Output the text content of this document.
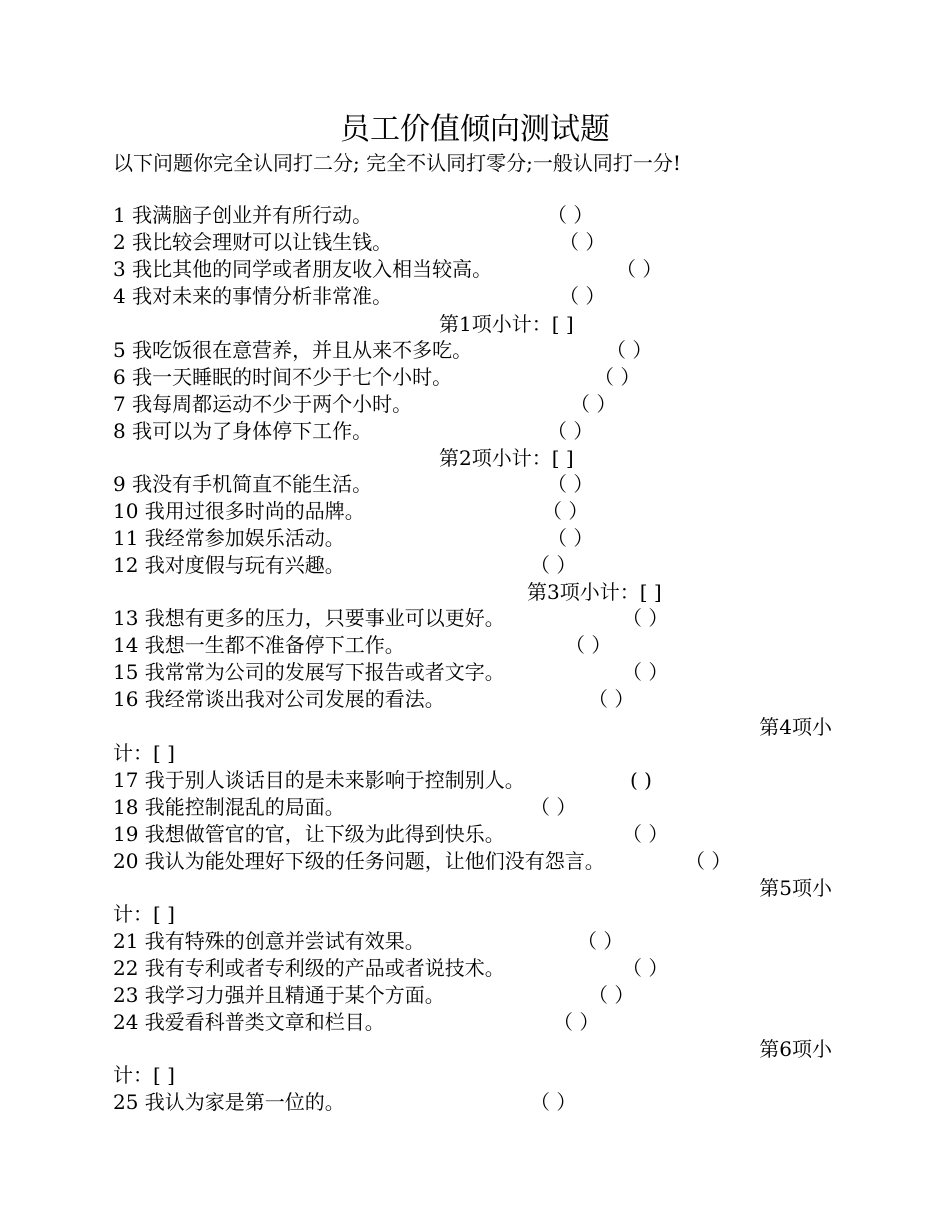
员工价值倾向测试题
以下问题你完全认同打二分; 完全不认同打零分;一般认同打一分!
1 我满脑子创业并有所行动。	（ ）
2 我比较会理财可以让钱生钱。	（ ）
3 我比其他的同学或者朋友收入相当较高。	（ ）
4 我对未来的事情分析非常准。	（ ）
第1项小计：[ ]
5 我吃饭很在意营养，并且从来不多吃。	（ ）
6 我一天睡眠的时间不少于七个小时。	（ ）
7 我每周都运动不少于两个小时。	（ ）
8 我可以为了身体停下工作。	（ ）
第2项小计：[ ]
9 我没有手机简直不能生活。	（ ）
10 我用过很多时尚的品牌。	（ ）
11 我经常参加娱乐活动。	（ ）
12 我对度假与玩有兴趣。	（ ）
第3项小计：[ ]
13 我想有更多的压力，只要事业可以更好。	（ ）
14 我想一生都不准备停下工作。	（ ）
15 我常常为公司的发展写下报告或者文字。	（ ）
16 我经常谈出我对公司发展的看法。	（ ）
第4项小
计：[ ]
17 我于别人谈话目的是未来影响于控制别人。	( )
18 我能控制混乱的局面。	（ ）
19 我想做管官的官，让下级为此得到快乐。	（ ）
20 我认为能处理好下级的任务问题，让他们没有怨言。	（ ）
第5项小
计：[ ]
21 我有特殊的创意并尝试有效果。	（ ）
22 我有专利或者专利级的产品或者说技术。	（ ）
23 我学习力强并且精通于某个方面。	（ ）
24 我爱看科普类文章和栏目。	（ ）
第6项小
计：[ ]
25 我认为家是第一位的。	（ ）
